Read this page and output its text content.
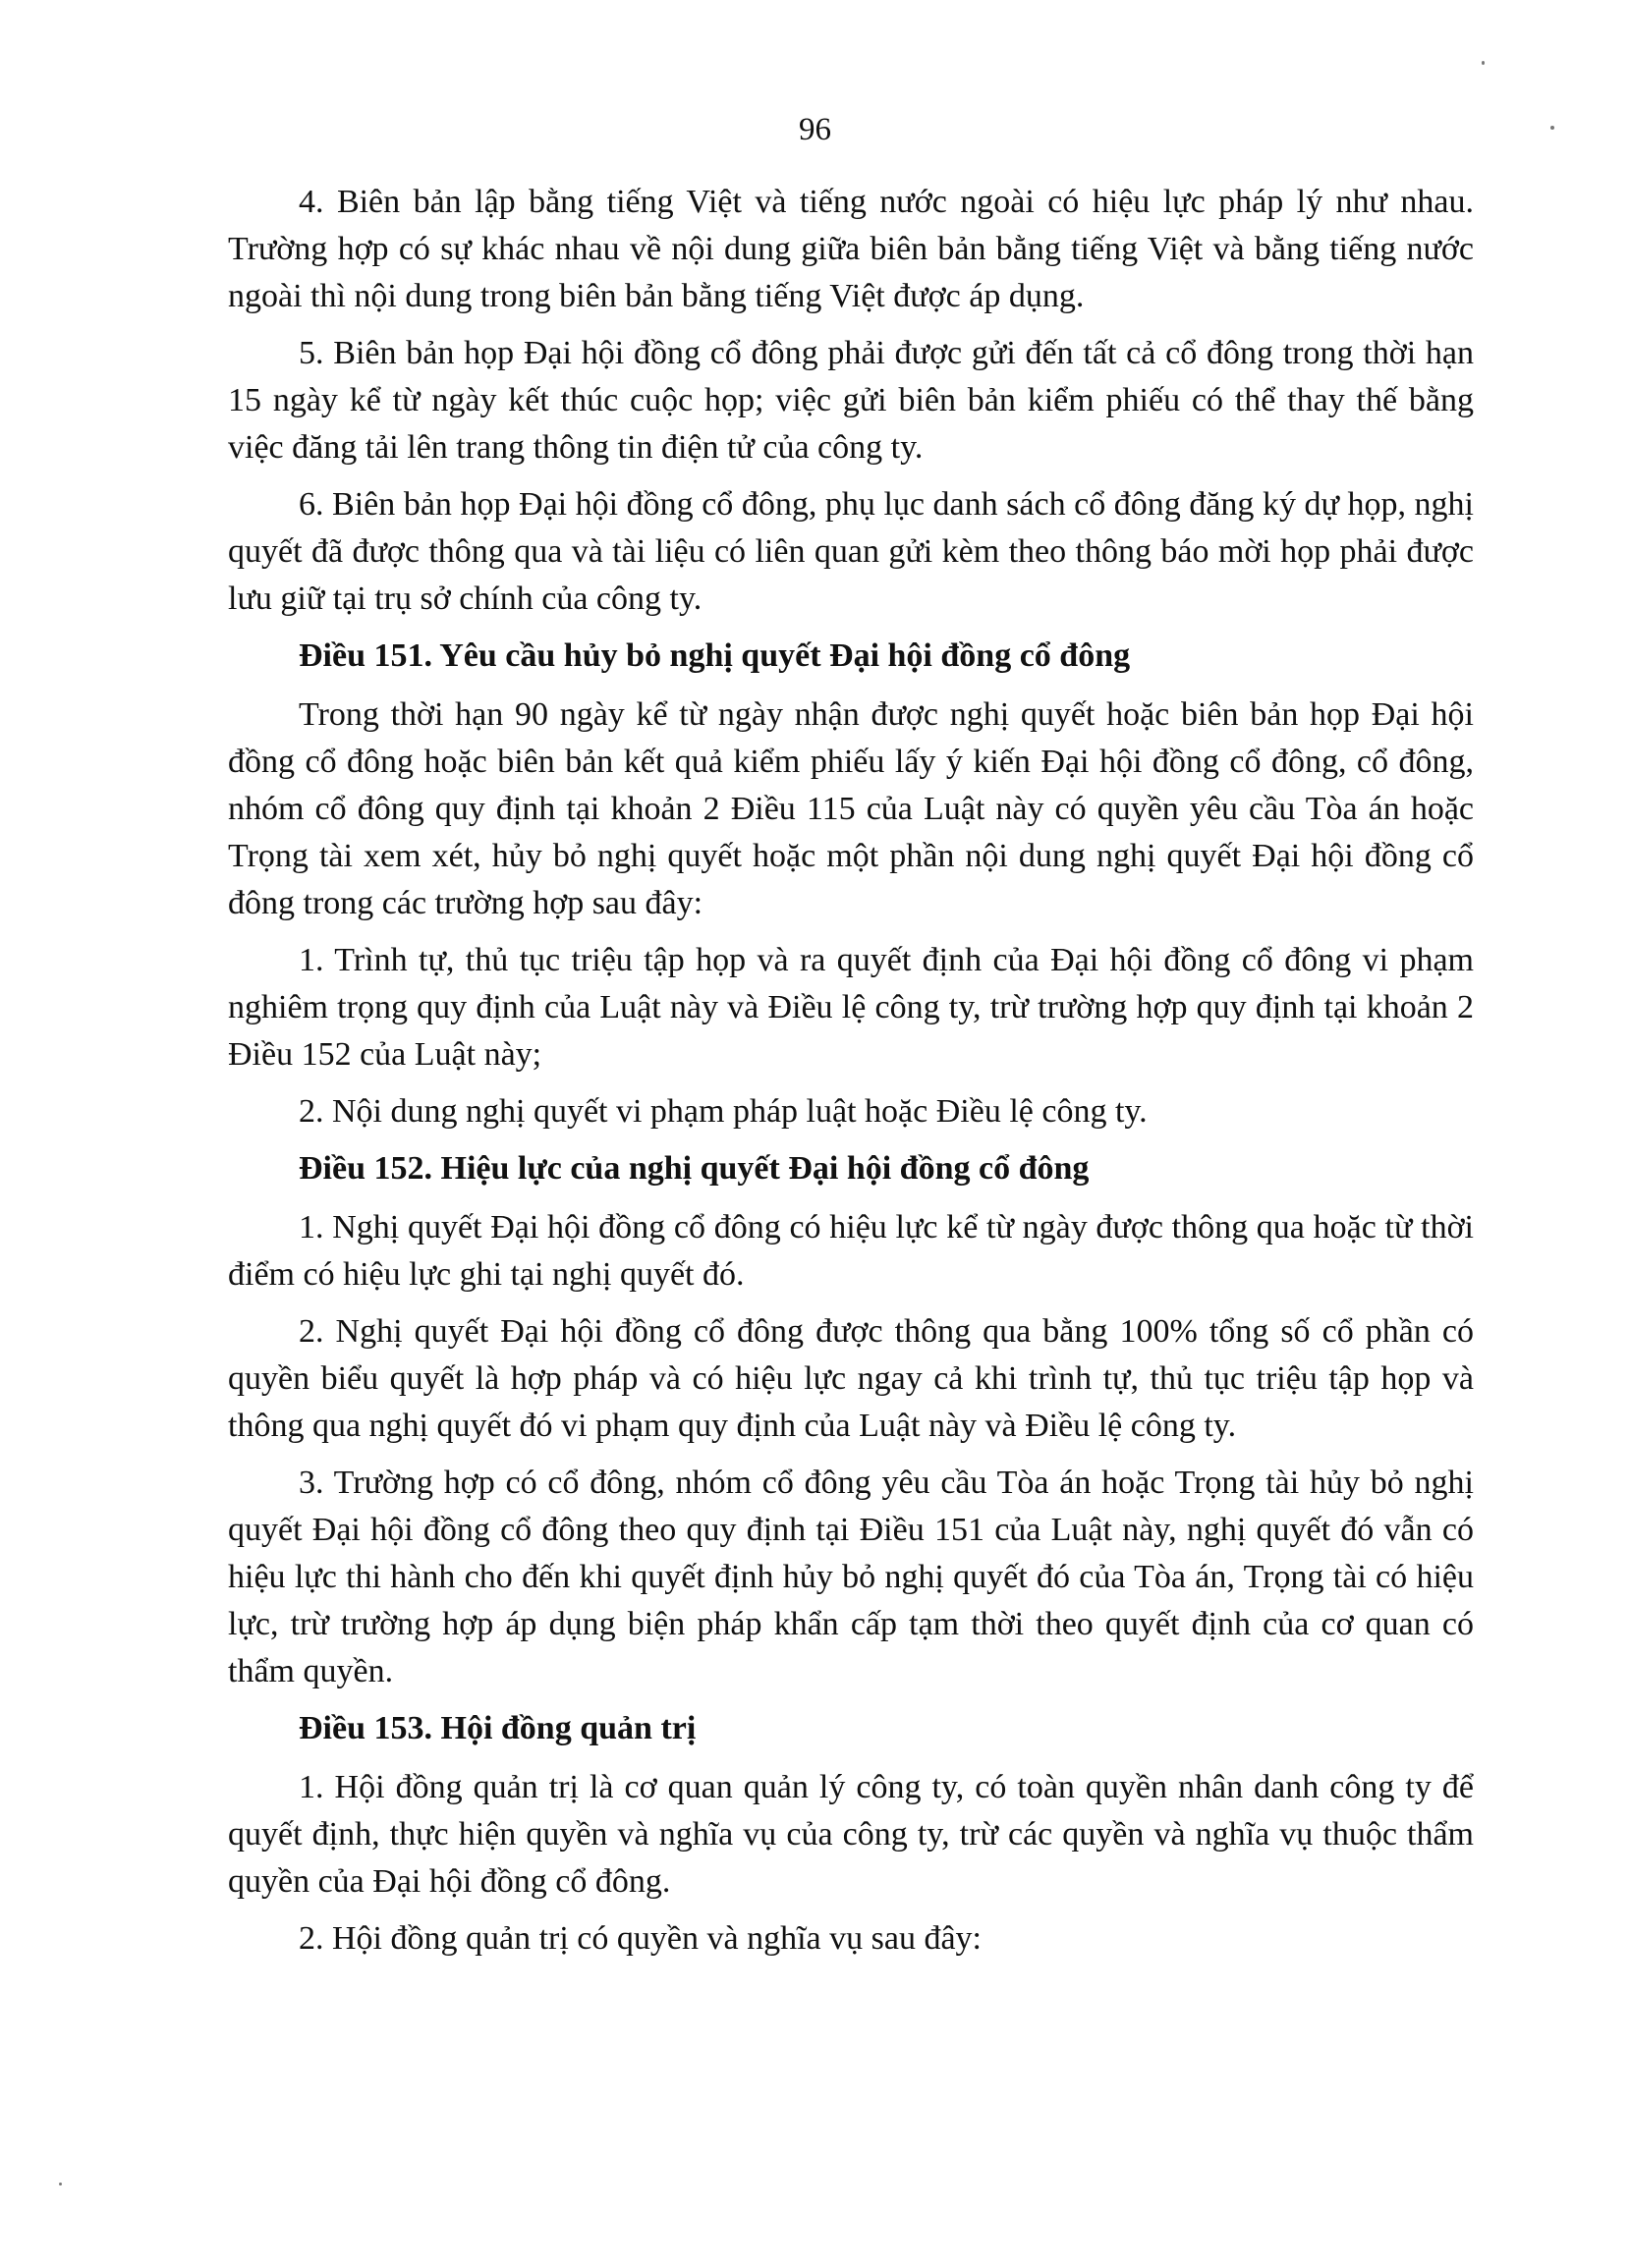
96

4. Biên bản lập bằng tiếng Việt và tiếng nước ngoài có hiệu lực pháp lý như nhau. Trường hợp có sự khác nhau về nội dung giữa biên bản bằng tiếng Việt và bằng tiếng nước ngoài thì nội dung trong biên bản bằng tiếng Việt được áp dụng.

5. Biên bản họp Đại hội đồng cổ đông phải được gửi đến tất cả cổ đông trong thời hạn 15 ngày kể từ ngày kết thúc cuộc họp; việc gửi biên bản kiểm phiếu có thể thay thế bằng việc đăng tải lên trang thông tin điện tử của công ty.

6. Biên bản họp Đại hội đồng cổ đông, phụ lục danh sách cổ đông đăng ký dự họp, nghị quyết đã được thông qua và tài liệu có liên quan gửi kèm theo thông báo mời họp phải được lưu giữ tại trụ sở chính của công ty.

Điều 151. Yêu cầu hủy bỏ nghị quyết Đại hội đồng cổ đông

Trong thời hạn 90 ngày kể từ ngày nhận được nghị quyết hoặc biên bản họp Đại hội đồng cổ đông hoặc biên bản kết quả kiểm phiếu lấy ý kiến Đại hội đồng cổ đông, cổ đông, nhóm cổ đông quy định tại khoản 2 Điều 115 của Luật này có quyền yêu cầu Tòa án hoặc Trọng tài xem xét, hủy bỏ nghị quyết hoặc một phần nội dung nghị quyết Đại hội đồng cổ đông trong các trường hợp sau đây:

1. Trình tự, thủ tục triệu tập họp và ra quyết định của Đại hội đồng cổ đông vi phạm nghiêm trọng quy định của Luật này và Điều lệ công ty, trừ trường hợp quy định tại khoản 2 Điều 152 của Luật này;

2. Nội dung nghị quyết vi phạm pháp luật hoặc Điều lệ công ty.

Điều 152. Hiệu lực của nghị quyết Đại hội đồng cổ đông

1. Nghị quyết Đại hội đồng cổ đông có hiệu lực kể từ ngày được thông qua hoặc từ thời điểm có hiệu lực ghi tại nghị quyết đó.

2. Nghị quyết Đại hội đồng cổ đông được thông qua bằng 100% tổng số cổ phần có quyền biểu quyết là hợp pháp và có hiệu lực ngay cả khi trình tự, thủ tục triệu tập họp và thông qua nghị quyết đó vi phạm quy định của Luật này và Điều lệ công ty.

3. Trường hợp có cổ đông, nhóm cổ đông yêu cầu Tòa án hoặc Trọng tài hủy bỏ nghị quyết Đại hội đồng cổ đông theo quy định tại Điều 151 của Luật này, nghị quyết đó vẫn có hiệu lực thi hành cho đến khi quyết định hủy bỏ nghị quyết đó của Tòa án, Trọng tài có hiệu lực, trừ trường hợp áp dụng biện pháp khẩn cấp tạm thời theo quyết định của cơ quan có thẩm quyền.

Điều 153. Hội đồng quản trị

1. Hội đồng quản trị là cơ quan quản lý công ty, có toàn quyền nhân danh công ty để quyết định, thực hiện quyền và nghĩa vụ của công ty, trừ các quyền và nghĩa vụ thuộc thẩm quyền của Đại hội đồng cổ đông.

2. Hội đồng quản trị có quyền và nghĩa vụ sau đây:
